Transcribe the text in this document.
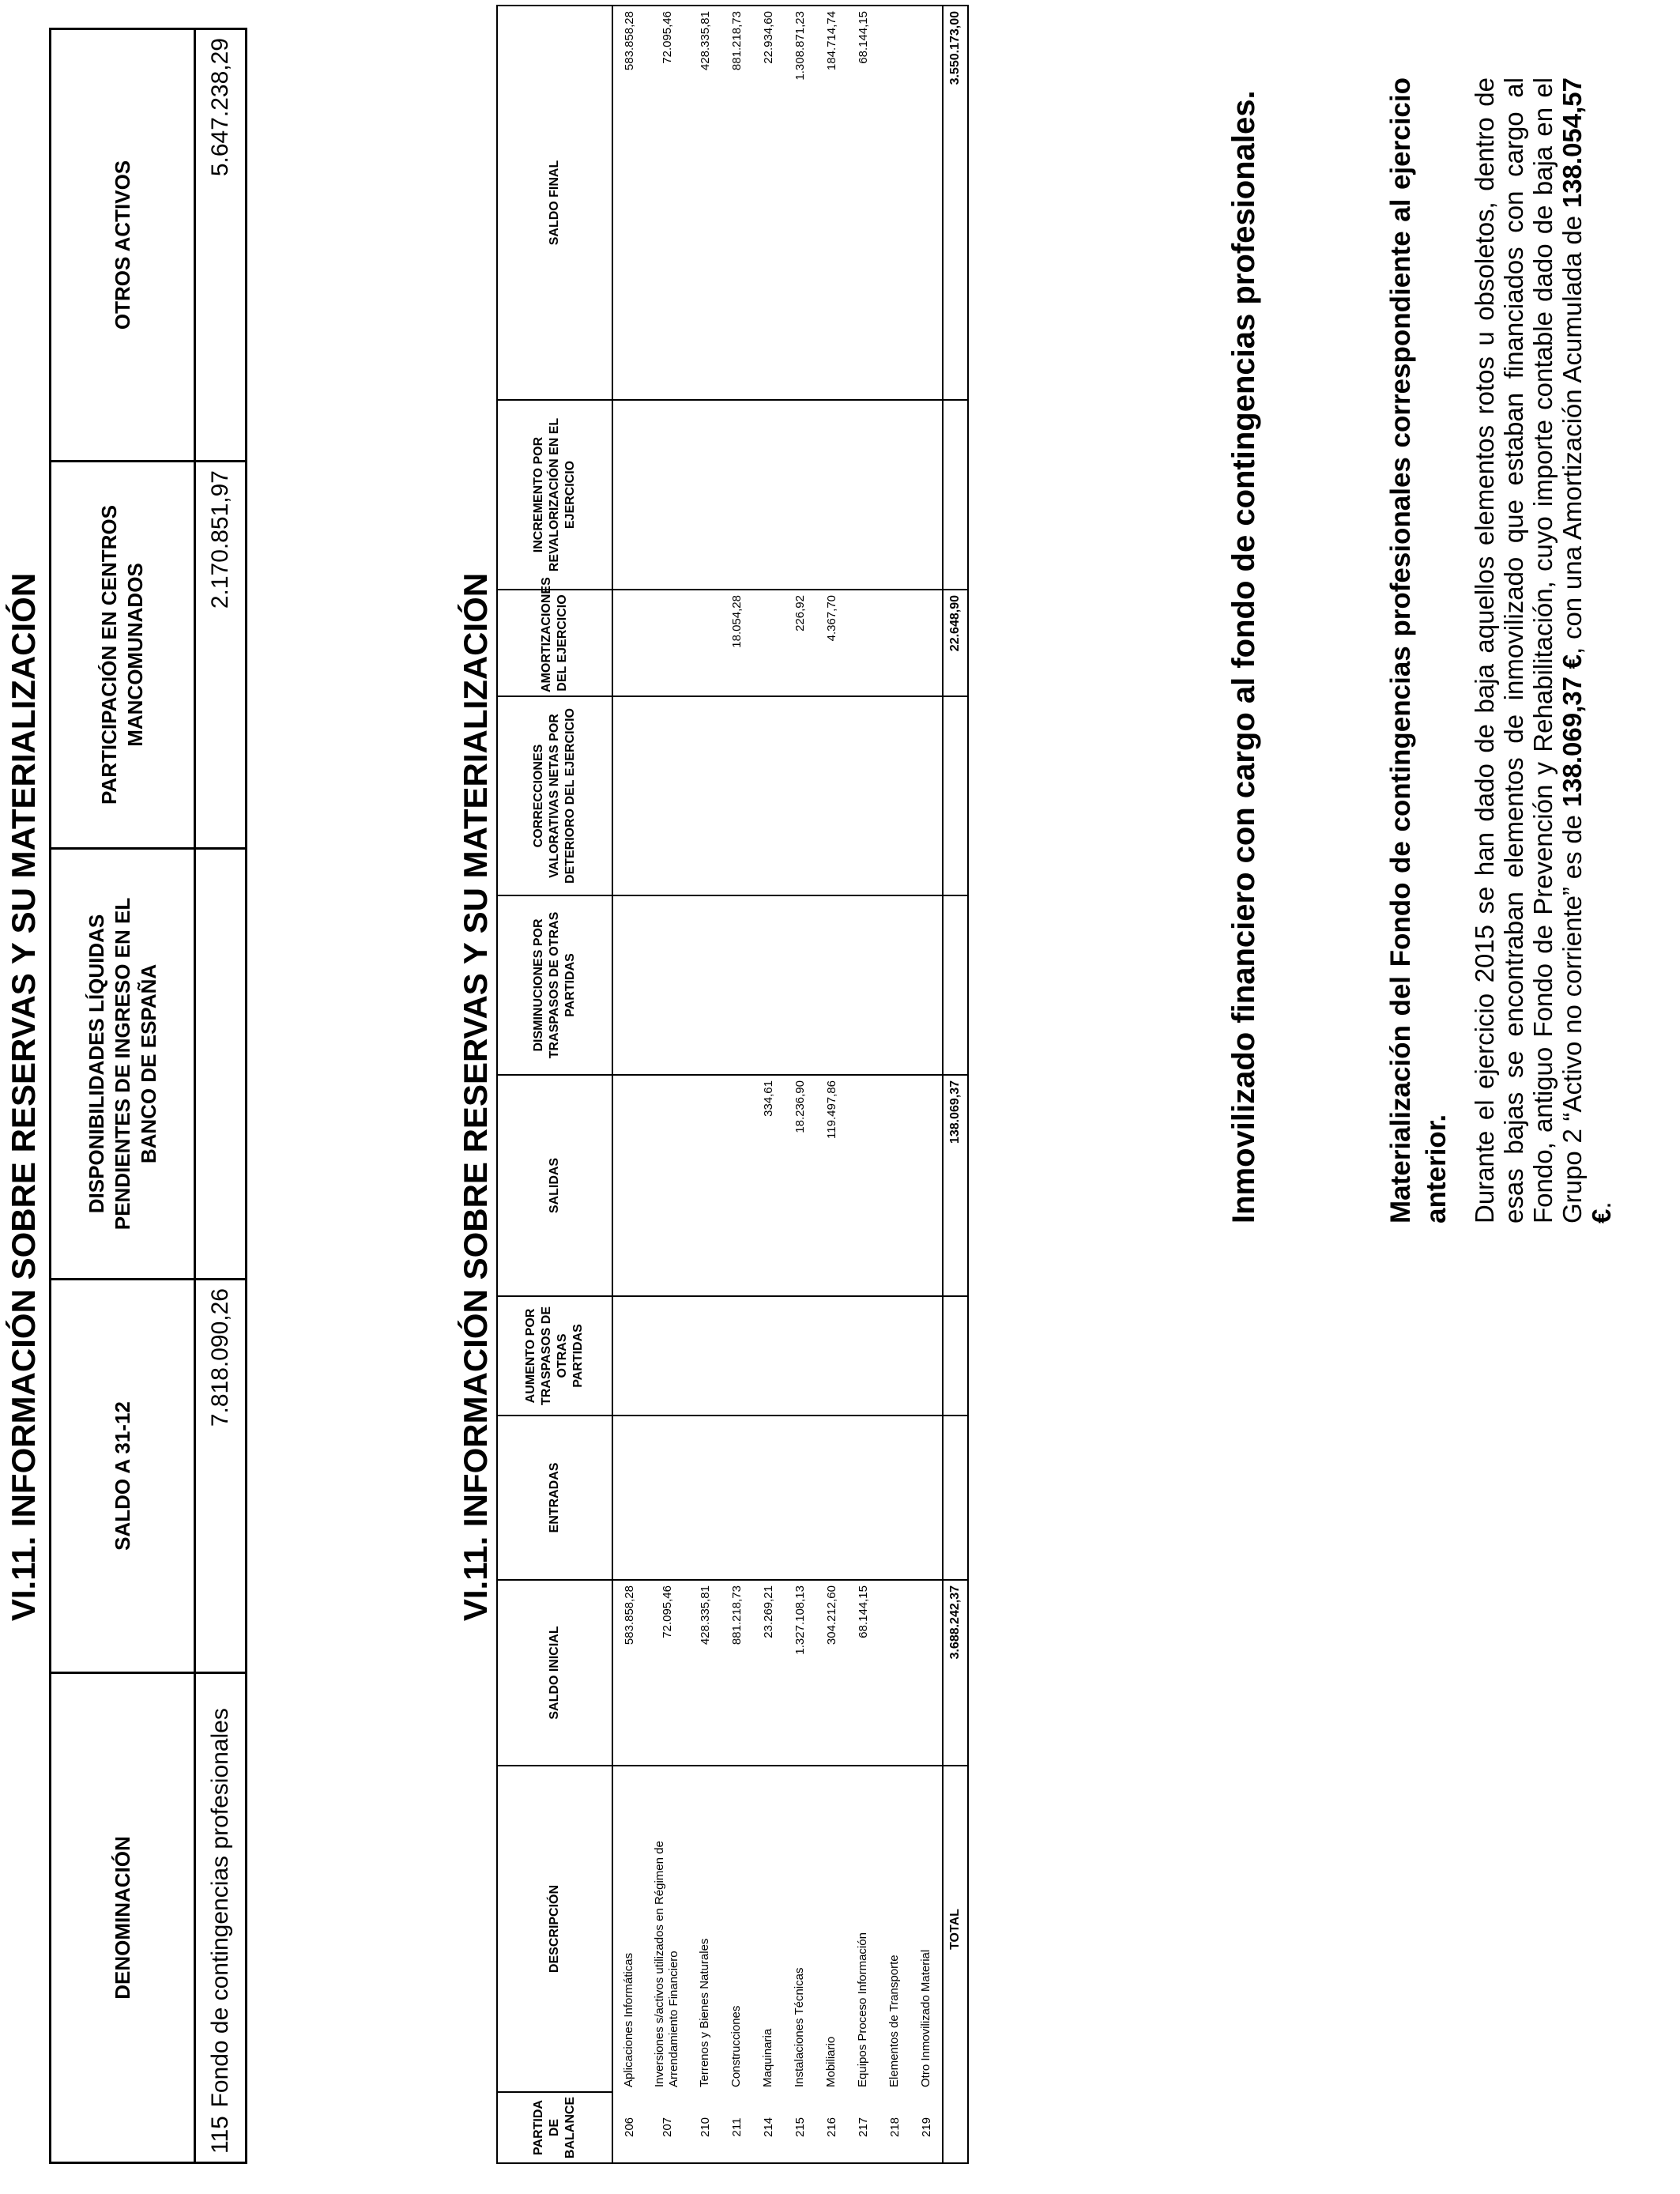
VI.11. INFORMACIÓN SOBRE RESERVAS Y SU MATERIALIZACIÓN
DENOMINACIÓN		SALDO A 31-12	DISPONIBILIDADES LÍQUIDAS PENDIENTES DE INGRESO EN EL BANCO DE ESPAÑA	PARTICIPACIÓN EN CENTROS MANCOMUNADOS	OTROS ACTIVOS
115	Fondo de contingencias profesionales	7.818.090,26		2.170.851,97	5.647.238,29
VI.11. INFORMACIÓN SOBRE RESERVAS Y SU MATERIALIZACIÓN
PARTIDA DE BALANCE	DESCRIPCIÓN	SALDO INICIAL	ENTRADAS	AUMENTO POR TRASPASOS DE OTRAS PARTIDAS	SALIDAS	DISMINUCIONES POR TRASPASOS DE OTRAS PARTIDAS	CORRECCIONES VALORATIVAS NETAS POR DETERIORO DEL EJERCICIO	AMORTIZACIONES DEL EJERCICIO	INCREMENTO POR REVALORIZACIÓN EN EL EJERCICIO	SALDO FINAL
206	Aplicaciones Informáticas	583.858,28								583.858,28
207	Inversiones s/activos utilizados en Régimen de Arrendamiento Financiero	72.095,46								72.095,46
210	Terrenos y Bienes Naturales	428.335,81								428.335,81
211	Construcciones	881.218,73						18.054,28		881.218,73
214	Maquinaria	23.269,21			334,61					22.934,60
215	Instalaciones Técnicas	1.327.108,13			18.236,90			226,92		1.308.871,23
216	Mobiliario	304.212,60			119.497,86			4.367,70		184.714,74
217	Equipos Proceso Información	68.144,15								68.144,15
218	Elementos de Transporte									
219	Otro Inmovilizado Material									
	TOTAL	3.688.242,37			138.069,37			22.648,90		3.550.173,00
Inmovilizado financiero con cargo al fondo de contingencias profesionales.	Materialización del Fondo de contingencias profesionales correspondiente al ejercicio anterior. Durante el ejercicio 2015 se han dado de baja aquellos elementos rotos u obsoletos, dentro de esas bajas se encontraban elementos de inmovilizado que estaban financiados con cargo al Fondo, antiguo Fondo de Prevención y Rehabilitación, cuyo importe contable dado de baja en el Grupo 2 “Activo no corriente” es de 138.069,37 €, con una Amortización Acumulada de 138.054,57 €.
